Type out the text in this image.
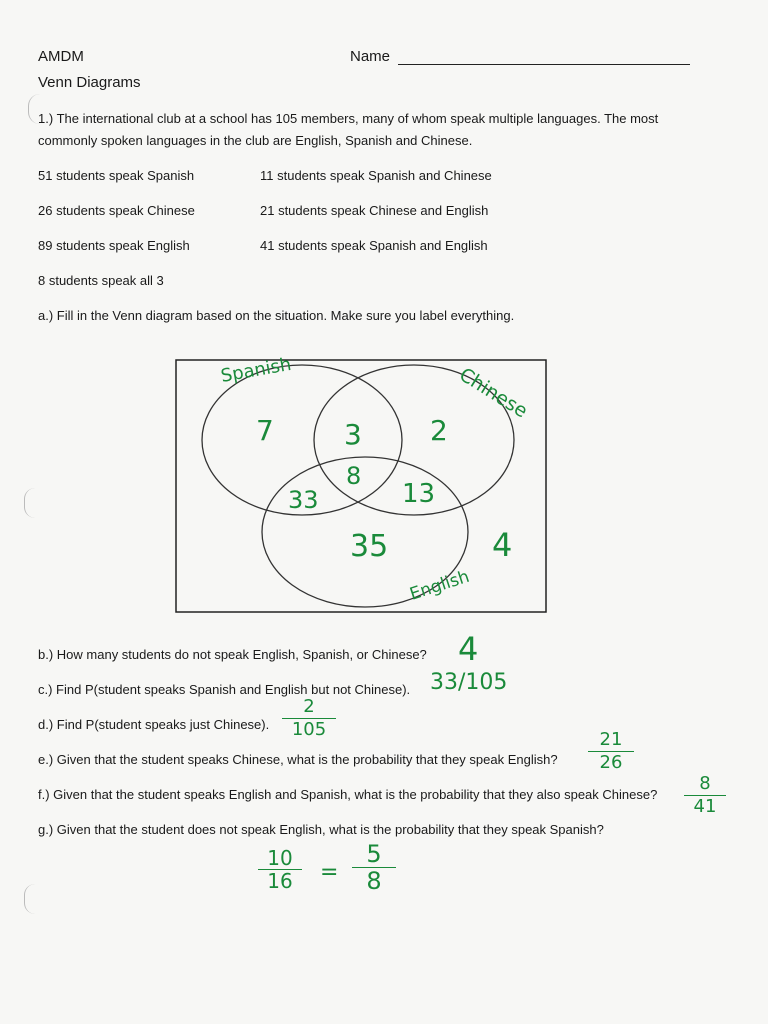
AMDM
Venn Diagrams
Name
1.) The international club at a school has 105 members, many of whom speak multiple languages. The most
commonly spoken languages in the club are English, Spanish and Chinese.
51 students speak Spanish	11 students speak Spanish and Chinese
26 students speak Chinese	21 students speak Chinese and English
89 students speak English	41 students speak Spanish and English
8 students speak all 3
a.) Fill in the Venn diagram based on the situation. Make sure you label everything.
Spanish	Chinese
English
7	3 2
8
33	13
35	4
b.) How many students do not speak English, Spanish, or Chinese? 4
c.) Find P(student speaks Spanish and English but not Chinese). 33/105
d.) Find P(student speaks just Chinese).
2
105
e.) Given that the student speaks Chinese, what is the probability that they speak English?
21
26
f.) Given that the student speaks English and Spanish, what is the probability that they also speak Chinese?
8
41
g.) Given that the student does not speak English, what is the probability that they speak Spanish?
10
16	=
5
8
